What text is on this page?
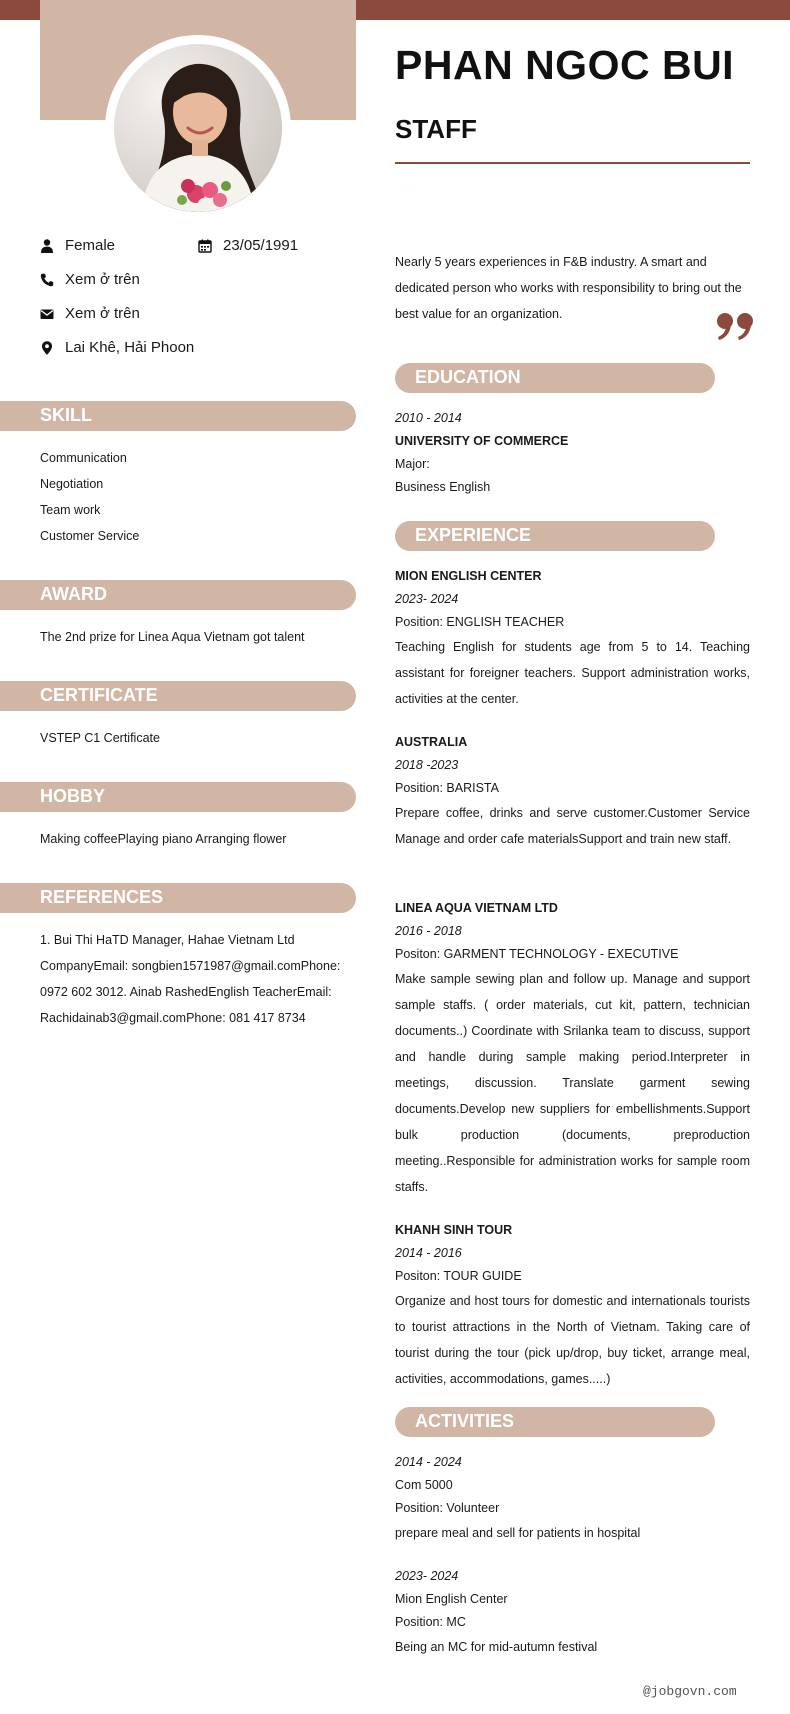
PHAN NGOC BUI
STAFF
Female	23/05/1991
Xem ở trên
Xem ở trên
Lai Khê, Hải Phoon
SKILL
Communication
Negotiation
Team work
Customer Service
AWARD
The 2nd prize for Linea Aqua Vietnam got talent
CERTIFICATE
VSTEP C1 Certificate
HOBBY
Making coffeePlaying piano Arranging flower
REFERENCES
1. Bui Thi HaTD Manager, Hahae Vietnam Ltd CompanyEmail: songbien1571987@gmail.comPhone: 0972 602 3012. Ainab RashedEnglish TeacherEmail: Rachidainab3@gmail.comPhone: 081 417 8734
Nearly 5 years experiences in F&B industry. A smart and dedicated person who works with responsibility to bring out the best value for an organization.
EDUCATION
2010 - 2014
UNIVERSITY OF COMMERCE
Major:
Business English
EXPERIENCE
MION ENGLISH CENTER
2023- 2024
Position: ENGLISH TEACHER
Teaching English for students age from 5 to 14. Teaching assistant for foreigner teachers. Support administration works, activities at the center.
AUSTRALIA
2018 -2023
Position: BARISTA
Prepare coffee, drinks and serve customer.Customer Service   Manage and order cafe materialsSupport and train new staff.
LINEA AQUA VIETNAM LTD
2016 - 2018
Positon: GARMENT TECHNOLOGY - EXECUTIVE
Make sample sewing plan and follow up. Manage and support sample staffs. ( order materials, cut kit, pattern, technician documents..) Coordinate with Srilanka team to discuss, support and handle during sample making period.Interpreter in meetings, discussion. Translate garment sewing documents.Develop new suppliers for embellishments.Support bulk production (documents, preproduction meeting..Responsible for administration works for sample room staffs.
KHANH SINH TOUR
2014 - 2016
Positon: TOUR GUIDE
Organize and host tours for domestic and internationals tourists to tourist attractions in the North of Vietnam. Taking care of tourist during the tour (pick up/drop, buy ticket, arrange meal, activities, accommodations, games.....)
ACTIVITIES
2014 - 2024
Com 5000
Position: Volunteer
prepare meal and sell for patients in hospital
2023- 2024
Mion English Center
Position: MC
Being an MC for mid-autumn festival
@jobgovn.com
